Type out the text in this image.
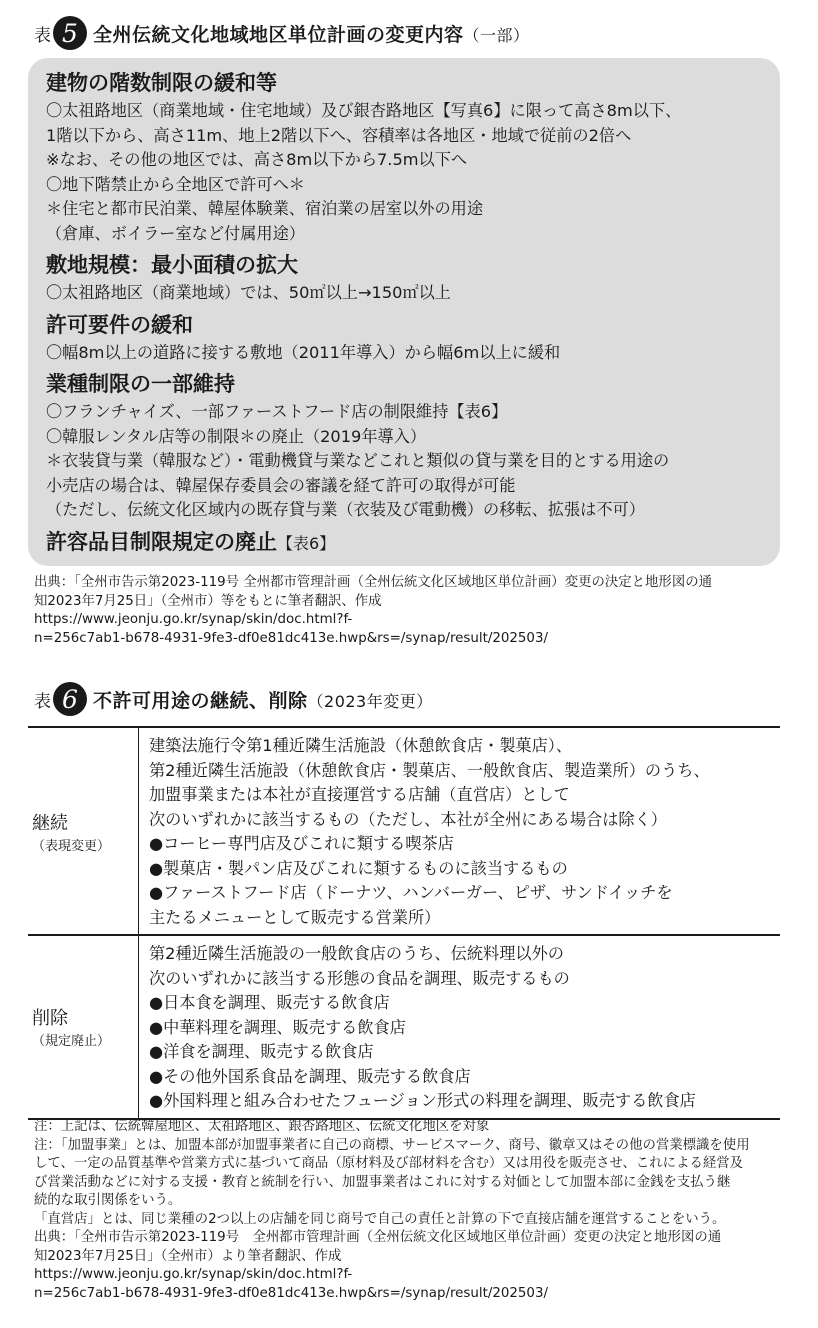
表 5 全州伝統文化地域地区単位計画の変更内容（一部）
建物の階数制限の緩和等
〇太祖路地区（商業地域・住宅地域）及び銀杏路地区【写真6】に限って高さ8m以下、
1階以下から、高さ11m、地上2階以下へ、容積率は各地区・地域で従前の2倍へ
※なお、その他の地区では、高さ8m以下から7.5m以下へ
〇地下階禁止から全地区で許可へ＊
＊住宅と都市民泊業、韓屋体験業、宿泊業の居室以外の用途
（倉庫、ボイラー室など付属用途）
敷地規模：最小面積の拡大
〇太祖路地区（商業地域）では、50㎡以上→150㎡以上
許可要件の緩和
〇幅8m以上の道路に接する敷地（2011年導入）から幅6m以上に緩和
業種制限の一部維持
〇フランチャイズ、一部ファーストフード店の制限維持【表6】
〇韓服レンタル店等の制限＊の廃止（2019年導入）
＊衣装貸与業（韓服など）・電動機貸与業などこれと類似の貸与業を目的とする用途の
小売店の場合は、韓屋保存委員会の審議を経て許可の取得が可能
（ただし、伝統文化区域内の既存貸与業（衣装及び電動機）の移転、拡張は不可）
許容品目制限規定の廃止【表6】
出典：「全州市告示第2023-119号 全州都市管理計画（全州伝統文化区域地区単位計画）変更の決定と地形図の通
知2023年7月25日」（全州市）等をもとに筆者翻訳、作成
https://www.jeonju.go.kr/synap/skin/doc.html?f-
n=256c7ab1-b678-4931-9fe3-df0e81dc413e.hwp&rs=/synap/result/202503/
表 6 不許可用途の継続、削除（2023年変更）
継続
（表現変更）
建築法施行令第1種近隣生活施設（休憩飲食店・製菓店）、
第2種近隣生活施設（休憩飲食店・製菓店、一般飲食店、製造業所）のうち、
加盟事業または本社が直接運営する店舗（直営店）として
次のいずれかに該当するもの（ただし、本社が全州にある場合は除く）
●コーヒー専門店及びこれに類する喫茶店
●製菓店・製パン店及びこれに類するものに該当するもの
●ファーストフード店（ドーナツ、ハンバーガー、ピザ、サンドイッチを
主たるメニューとして販売する営業所）
削除
（規定廃止）
第2種近隣生活施設の一般飲食店のうち、伝統料理以外の
次のいずれかに該当する形態の食品を調理、販売するもの
●日本食を調理、販売する飲食店
●中華料理を調理、販売する飲食店
●洋食を調理、販売する飲食店
●その他外国系食品を調理、販売する飲食店
●外国料理と組み合わせたフュージョン形式の料理を調理、販売する飲食店
注：上記は、伝統韓屋地区、太祖路地区、銀杏路地区、伝統文化地区を対象
注：「加盟事業」とは、加盟本部が加盟事業者に自己の商標、サービスマーク、商号、徽章又はその他の営業標識を使用
して、一定の品質基準や営業方式に基づいて商品（原材料及び部材料を含む）又は用役を販売させ、これによる経営及
び営業活動などに対する支援・教育と統制を行い、加盟事業者はこれに対する対価として加盟本部に金銭を支払う継
続的な取引関係をいう。
「直営店」とは、同じ業種の2つ以上の店舗を同じ商号で自己の責任と計算の下で直接店舗を運営することをいう。
出典：「全州市告示第2023-119号　全州都市管理計画（全州伝統文化区域地区単位計画）変更の決定と地形図の通
知2023年7月25日」（全州市）より筆者翻訳、作成
https://www.jeonju.go.kr/synap/skin/doc.html?f-
n=256c7ab1-b678-4931-9fe3-df0e81dc413e.hwp&rs=/synap/result/202503/
